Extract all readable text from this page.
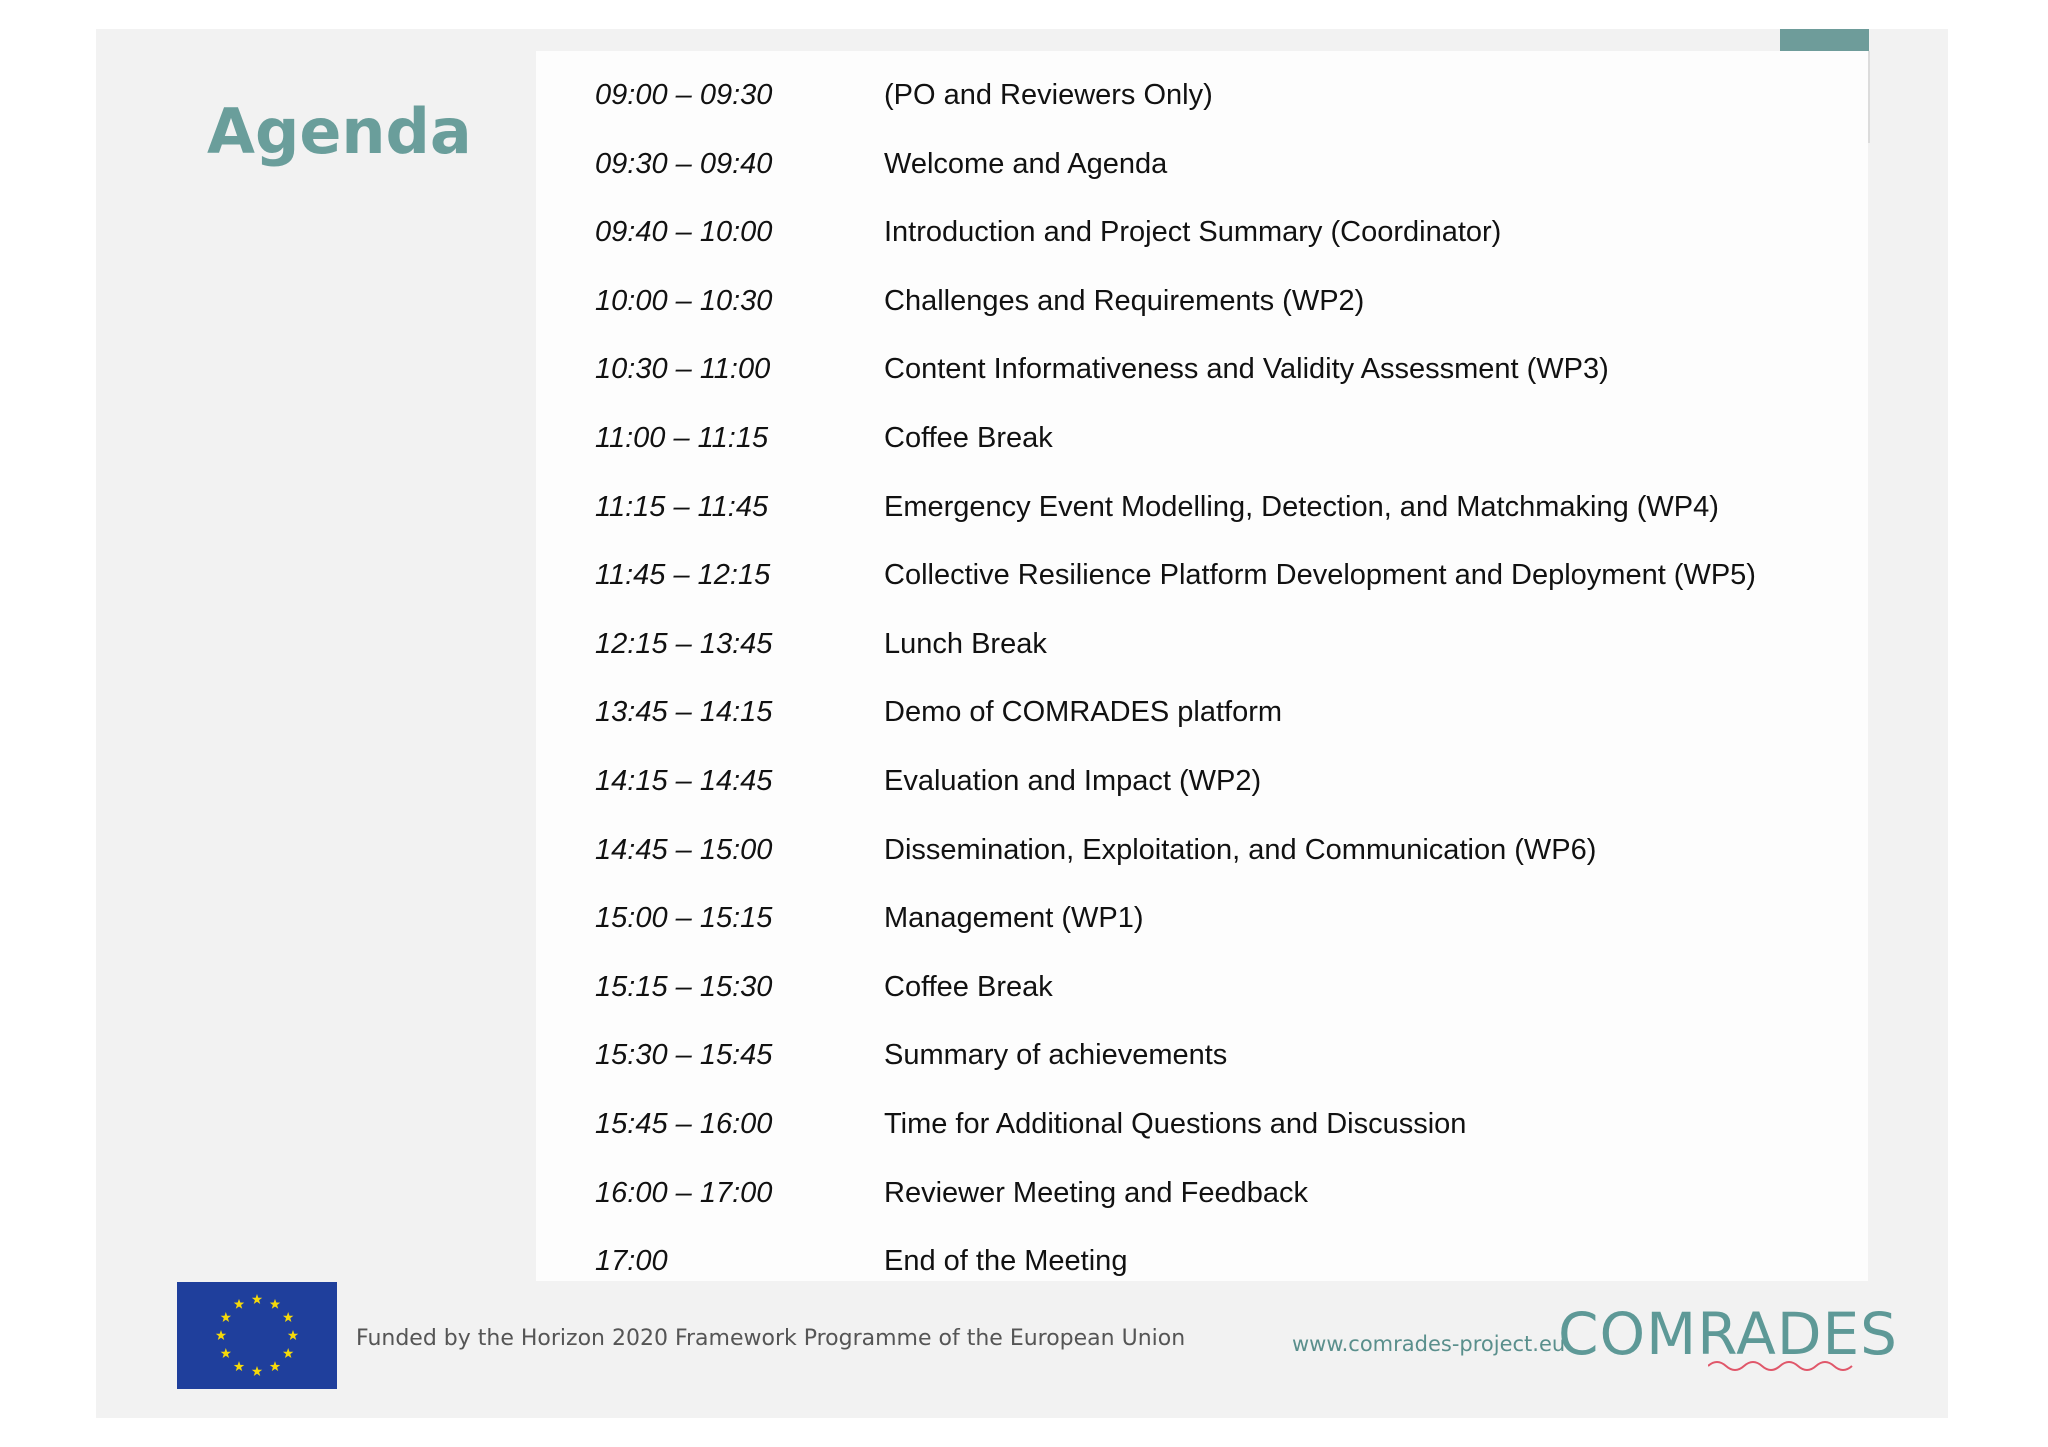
Agenda	09:00 – 09:30	(PO and Reviewers Only)
09:30 – 09:40	Welcome and Agenda
09:40 – 10:00	Introduction and Project Summary (Coordinator)
10:00 – 10:30	Challenges and Requirements (WP2)
10:30 – 11:00	Content Informativeness and Validity Assessment (WP3)
11:00 – 11:15	Coffee Break
11:15 – 11:45	Emergency Event Modelling, Detection, and Matchmaking (WP4)
11:45 – 12:15	Collective Resilience Platform Development and Deployment (WP5)
12:15 – 13:45	Lunch Break
13:45 – 14:15	Demo of COMRADES platform
14:15 – 14:45	Evaluation and Impact (WP2)
14:45 – 15:00	Dissemination, Exploitation, and Communication (WP6)
15:00 – 15:15	Management (WP1)
15:15 – 15:30	Coffee Break
15:30 – 15:45	Summary of achievements
15:45 – 16:00	Time for Additional Questions and Discussion
16:00 – 17:00	Reviewer Meeting and Feedback
17:00	End of the Meeting
Funded by the Horizon 2020 Framework Programme of the European Union	www.comrades-project.eu
COMRADES
